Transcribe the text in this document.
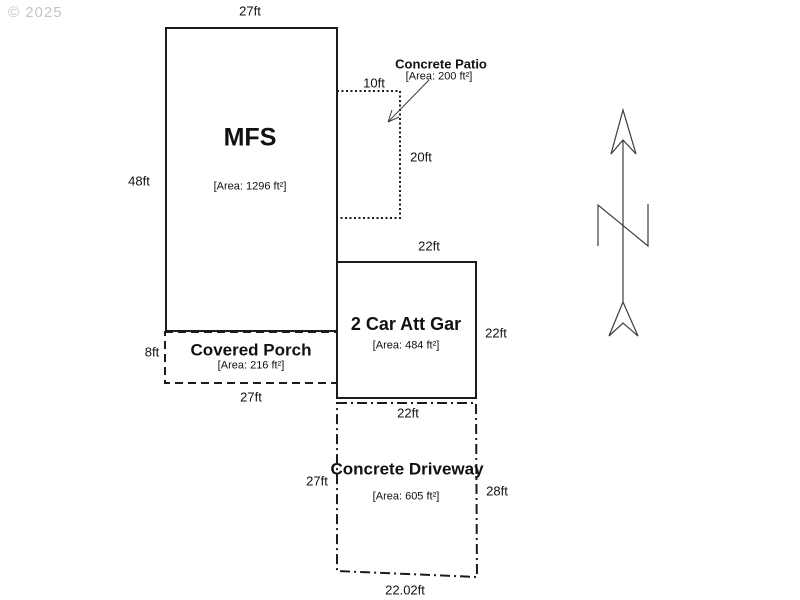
© 2025	27ft
48ft
MFS
[Area: 1296 ft²]
Concrete Patio
[Area: 200 ft²]
10ft
20ft
22ft
22ft
2 Car Att Gar
[Area: 484 ft²]
Covered Porch
[Area: 216 ft²]
8ft
27ft
22ft
Concrete Driveway
[Area: 605 ft²]
27ft
28ft
22.02ft
